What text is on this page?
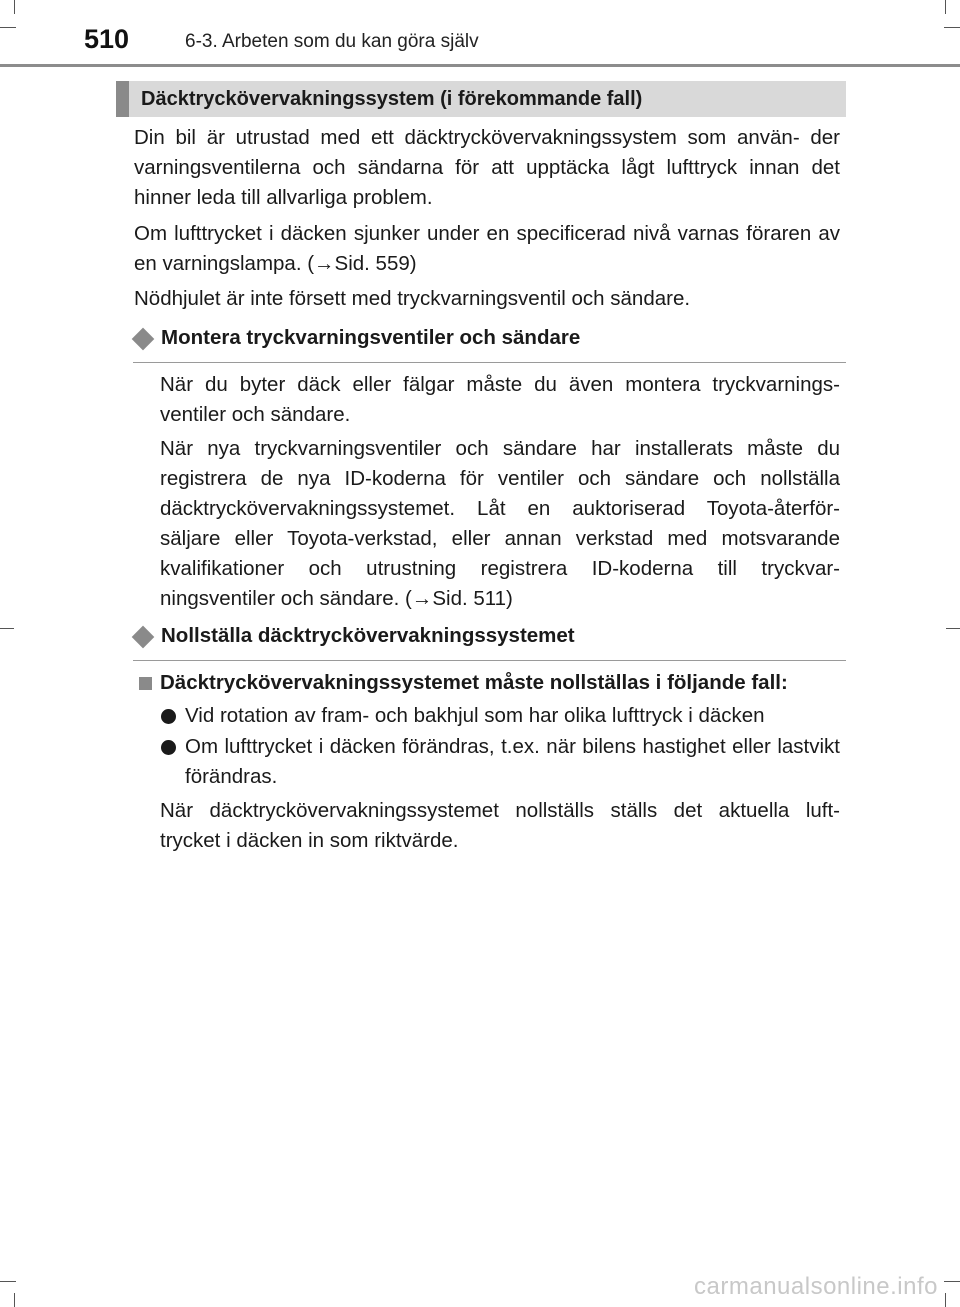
510	6-3. Arbeten som du kan göra själv
Däcktryckövervakningssystem (i förekommande fall)

Din bil är utrustad med ett däcktryckövervakningssystem som använ- der varningsventilerna och sändarna för att upptäcka lågt lufttryck innan det hinner leda till allvarliga problem.

Om lufttrycket i däcken sjunker under en specificerad nivå varnas föraren av en varningslampa. (→Sid. 559)

Nödhjulet är inte försett med tryckvarningsventil och sändare.

Montera tryckvarningsventiler och sändare

När du byter däck eller fälgar måste du även montera tryckvarnings- ventiler och sändare.

När nya tryckvarningsventiler och sändare har installerats måste du registrera de nya ID-koderna för ventiler och sändare och nollställa däcktryckövervakningssystemet. Låt en auktoriserad Toyota-återför- säljare eller Toyota-verkstad, eller annan verkstad med motsvarande kvalifikationer och utrustning registrera ID-koderna till tryckvar- ningsventiler och sändare. (→Sid. 511)

Nollställa däcktryckövervakningssystemet
Däcktryckövervakningssystemet måste nollställas i följande fall:
Vid rotation av fram- och bakhjul som har olika lufttryck i däcken
Om lufttrycket i däcken förändras, t.ex. när bilens hastighet eller lastvikt förändras.

När däcktryckövervakningssystemet nollställs ställs det aktuella luft- trycket i däcken in som riktvärde.

carmanualsonline.info
